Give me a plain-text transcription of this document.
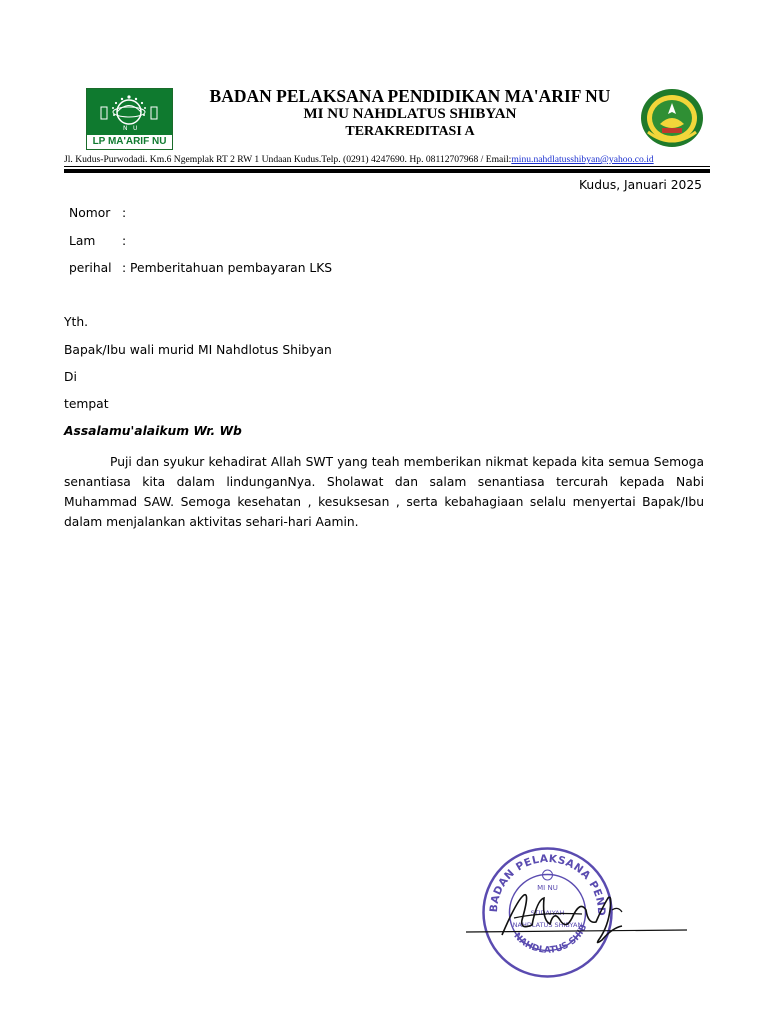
N U
LP MA'ARIF NU
BADAN PELAKSANA PENDIDIKAN MA'ARIF NU
MI NU NAHDLATUS SHIBYAN
TERAKREDITASI A
Jl. Kudus-Purwodadi. Km.6 Ngemplak RT 2 RW 1 Undaan Kudus.Telp. (0291) 4247690. Hp. 08112707968 / Email:minu.nahdlatusshibyan@yahoo.co.id
Kudus, Januari 2025
Nomor :
Lam :
perihal : Pemberitahuan pembayaran LKS
Yth.
Bapak/Ibu wali murid MI Nahdlotus Shibyan
Di
tempat
Assalamu'alaikum Wr. Wb
Puji dan syukur kehadirat Allah SWT yang teah memberikan nikmat kepada kita semua Semoga senantiasa kita dalam lindunganNya. Sholawat dan salam senantiasa tercurah kepada Nabi Muhammad SAW. Semoga kesehatan , kesuksesan , serta kebahagiaan selalu menyertai Bapak/Ibu dalam menjalankan aktivitas sehari-hari Aamin.
BADAN PELAKSANA PEND
NAHDLATUS SHIB
MI NU
STIDAIYAH
NAHDLATUS SHIBYAN
